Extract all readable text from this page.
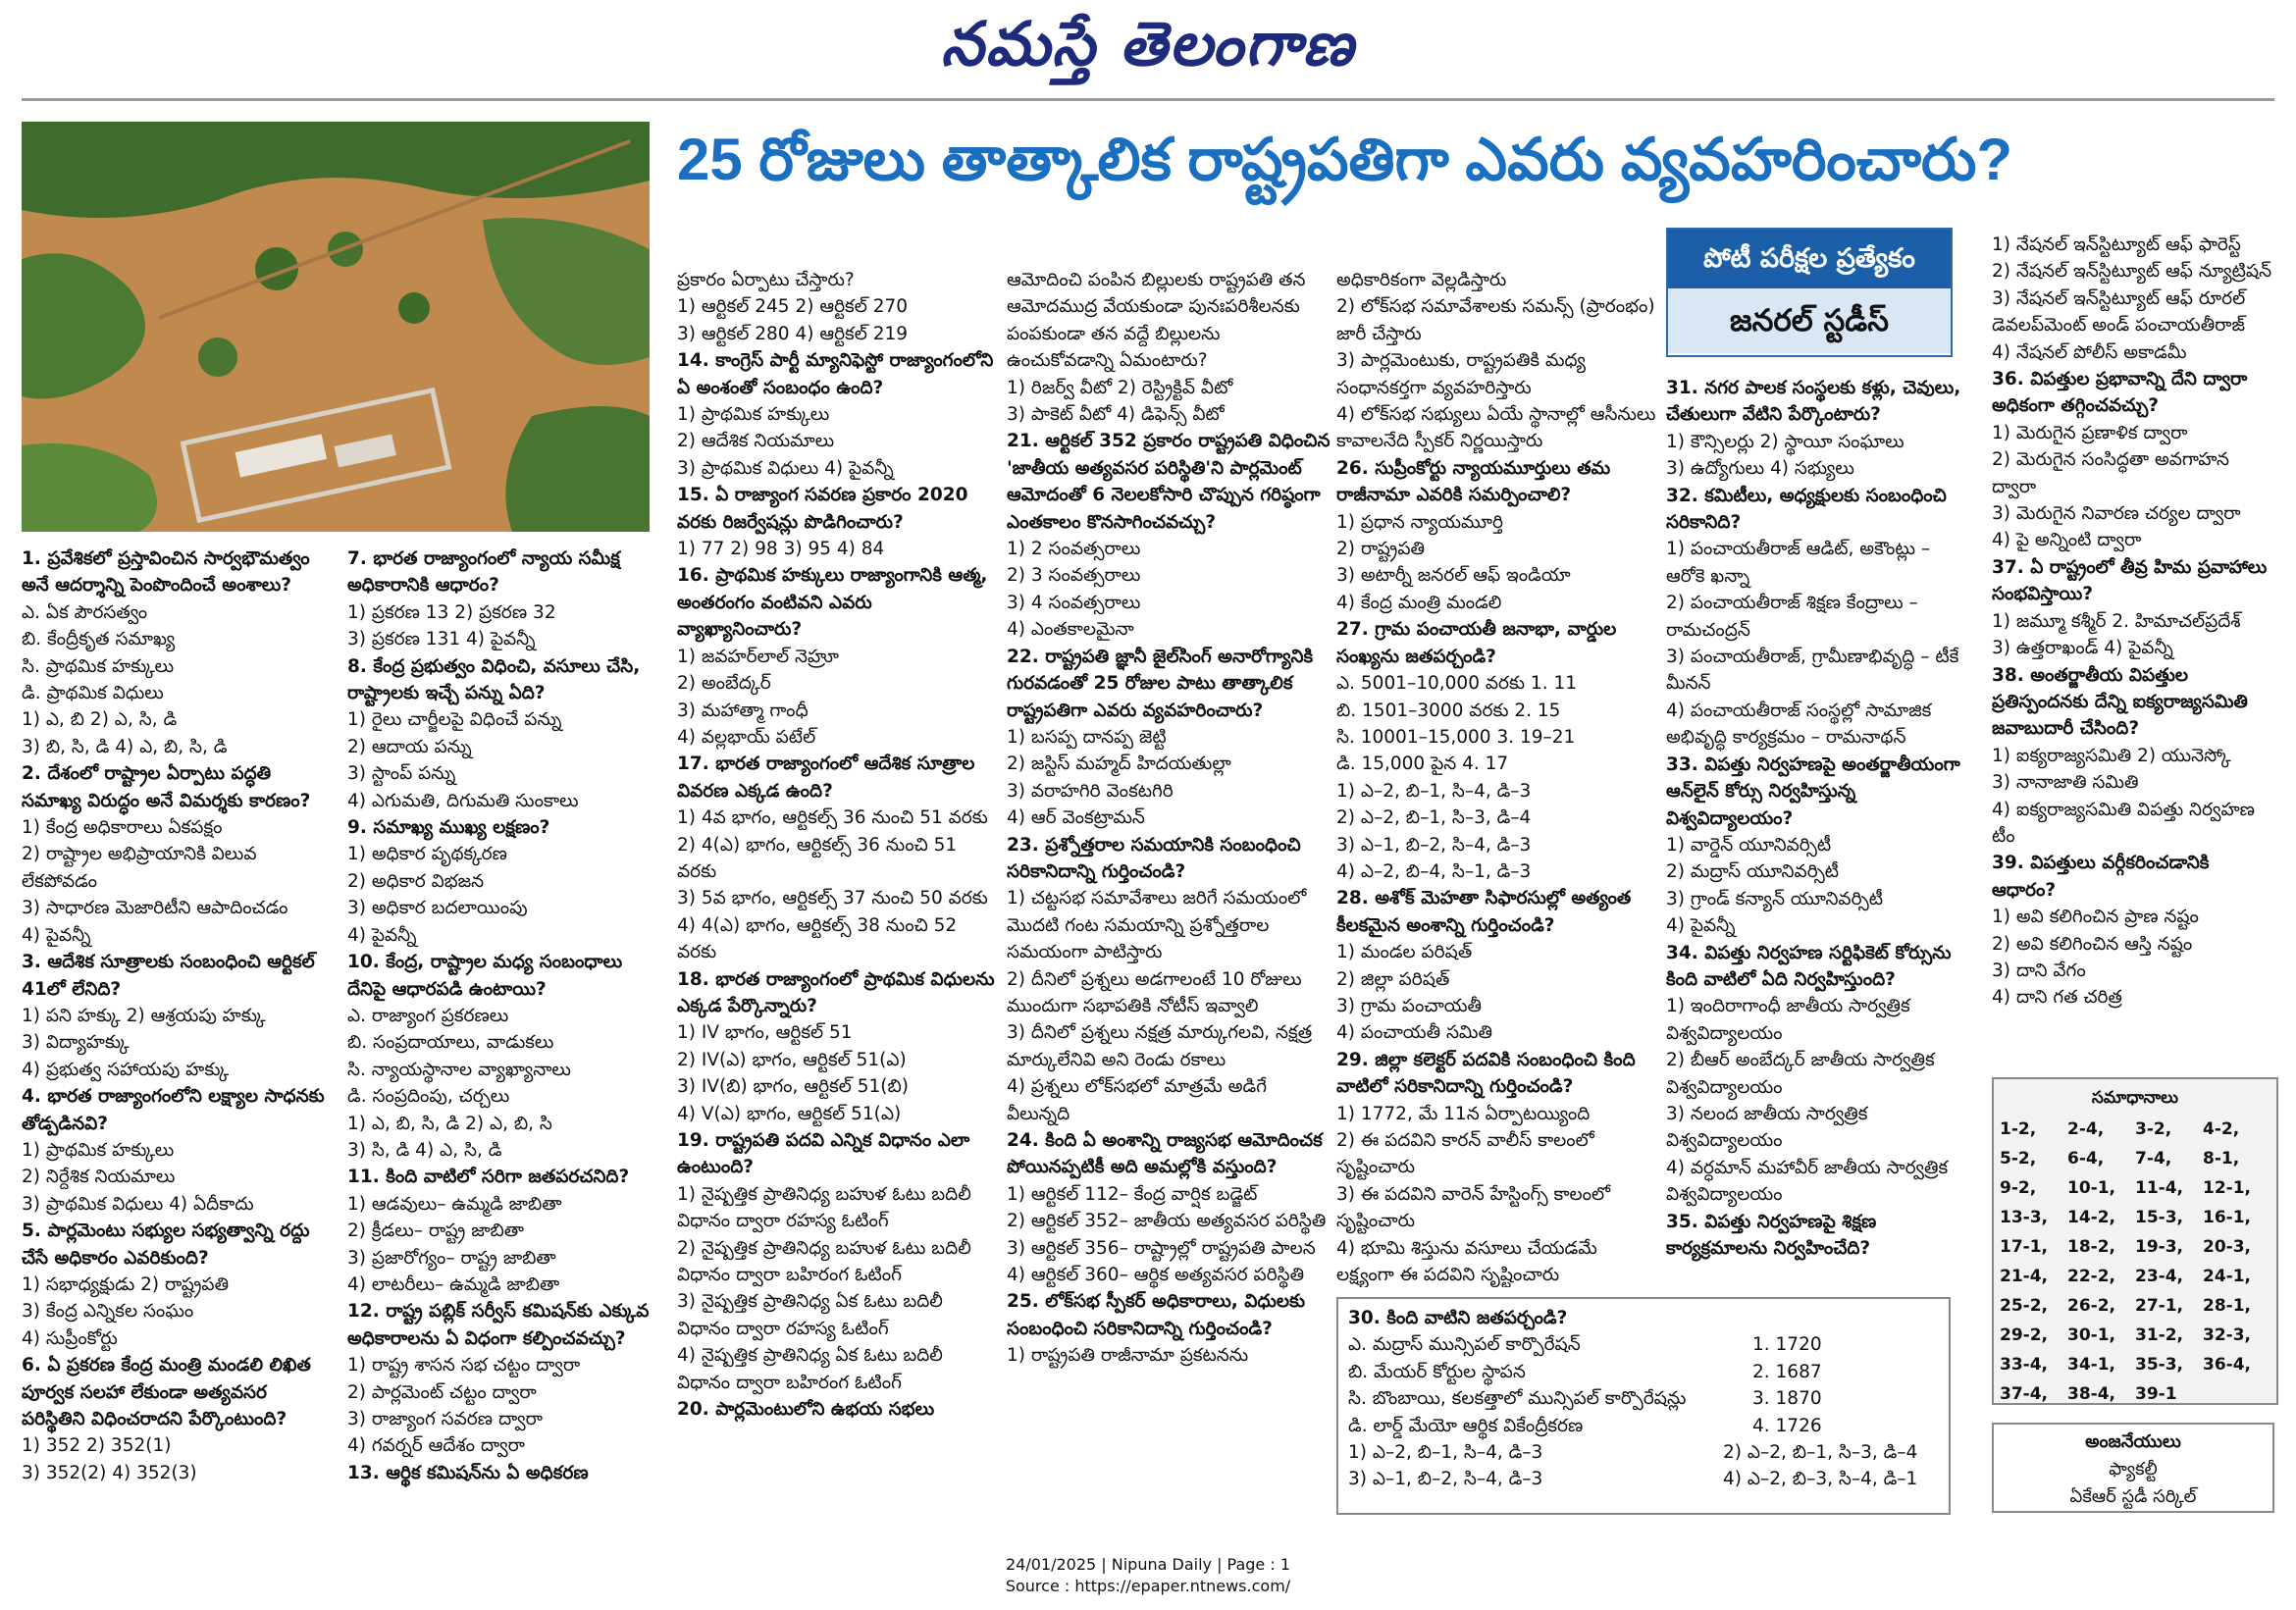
నమస్తే తెలంగాణ
25 రోజులు తాత్కాలిక రాష్ట్రపతిగా ఎవరు వ్యవహరించారు?
పోటీ పరీక్షల ప్రత్యేకం
జనరల్ స్టడీస్

1. ప్రవేశికలో ప్రస్తావించిన సార్వభౌమత్వం అనే ఆదర్శాన్ని పెంపొందించే అంశాలు?

ఎ. ఏక పౌరసత్వం

బి. కేంద్రీకృత సమాఖ్య

సి. ప్రాథమిక హక్కులు

డి. ప్రాథమిక విధులు

1) ఎ, బి 2) ఎ, సి, డి

3) బి, సి, డి 4) ఎ, బి, సి, డి

2. దేశంలో రాష్ట్రాల ఏర్పాటు పద్ధతి సమాఖ్య విరుద్ధం అనే విమర్శకు కారణం?

1) కేంద్ర అధికారాలు ఏకపక్షం

2) రాష్ట్రాల అభిప్రాయానికి విలువ లేకపోవడం

3) సాధారణ మెజారిటీని ఆపాదించడం

4) పైవన్నీ

3. ఆదేశిక సూత్రాలకు సంబంధించి ఆర్టికల్ 41లో లేనిది?

1) పని హక్కు 2) ఆశ్రయపు హక్కు

3) విద్యాహక్కు

4) ప్రభుత్వ సహాయపు హక్కు

4. భారత రాజ్యాంగంలోని లక్ష్యాల సాధనకు తోడ్పడినవి?

1) ప్రాథమిక హక్కులు

2) నిర్దేశిక నియమాలు

3) ప్రాథమిక విధులు 4) ఏదీకాదు

5. పార్లమెంటు సభ్యుల సభ్యత్వాన్ని రద్దు చేసే అధికారం ఎవరికుంది?

1) సభాధ్యక్షుడు 2) రాష్ట్రపతి

3) కేంద్ర ఎన్నికల సంఘం

4) సుప్రీంకోర్టు

6. ఏ ప్రకరణ కేంద్ర మంత్రి మండలి లిఖిత పూర్వక సలహా లేకుండా అత్యవసర పరిస్థితిని విధించరాదని పేర్కొంటుంది?

1) 352 2) 352(1)

3) 352(2) 4) 352(3)

7. భారత రాజ్యాంగంలో న్యాయ సమీక్ష అధికారానికి ఆధారం?

1) ప్రకరణ 13 2) ప్రకరణ 32

3) ప్రకరణ 131 4) పైవన్నీ

8. కేంద్ర ప్రభుత్వం విధించి, వసూలు చేసి, రాష్ట్రాలకు ఇచ్చే పన్ను ఏది?

1) రైలు చార్జీలపై విధించే పన్ను

2) ఆదాయ పన్ను

3) స్టాంప్ పన్ను

4) ఎగుమతి, దిగుమతి సుంకాలు

9. సమాఖ్య ముఖ్య లక్షణం?

1) అధికార పృథక్కరణ

2) అధికార విభజన

3) అధికార బదలాయింపు

4) పైవన్నీ

10. కేంద్ర, రాష్ట్రాల మధ్య సంబంధాలు దేనిపై ఆధారపడి ఉంటాయి?

ఎ. రాజ్యాంగ ప్రకరణలు

బి. సంప్రదాయాలు, వాడుకలు

సి. న్యాయస్థానాల వ్యాఖ్యానాలు

డి. సంప్రదింపు, చర్చలు

1) ఎ, బి, సి, డి 2) ఎ, బి, సి

3) సి, డి 4) ఎ, సి, డి

11. కింది వాటిలో సరిగా జతపరచనిది?

1) ఆడవులు– ఉమ్మడి జాబితా

2) క్రీడలు– రాష్ట్ర జాబితా

3) ప్రజారోగ్యం– రాష్ట్ర జాబితా

4) లాటరీలు– ఉమ్మడి జాబితా

12. రాష్ట్ర పబ్లిక్ సర్వీస్ కమిషన్‌కు ఎక్కువ అధికారాలను ఏ విధంగా కల్పించవచ్చు?

1) రాష్ట్ర శాసన సభ చట్టం ద్వారా

2) పార్లమెంట్ చట్టం ద్వారా

3) రాజ్యాంగ సవరణ ద్వారా

4) గవర్నర్ ఆదేశం ద్వారా

13. ఆర్థిక కమిషన్‌ను ఏ అధికరణ

ప్రకారం ఏర్పాటు చేస్తారు?

1) ఆర్టికల్ 245 2) ఆర్టికల్ 270

3) ఆర్టికల్ 280 4) ఆర్టికల్ 219

14. కాంగ్రెస్ పార్టీ మ్యానిఫెస్టో రాజ్యాంగంలోని ఏ అంశంతో సంబంధం ఉంది?

1) ప్రాథమిక హక్కులు

2) ఆదేశిక నియమాలు

3) ప్రాథమిక విధులు 4) పైవన్నీ

15. ఏ రాజ్యాంగ సవరణ ప్రకారం 2020 వరకు రిజర్వేషన్లు పొడిగించారు?

1) 77 2) 98 3) 95 4) 84

16. ప్రాథమిక హక్కులు రాజ్యాంగానికి ఆత్మ, అంతరంగం వంటివని ఎవరు వ్యాఖ్యానించారు?

1) జవహర్‌లాల్ నెహ్రూ

2) అంబేద్కర్

3) మహాత్మా గాంధీ

4) వల్లభాయ్ పటేల్

17. భారత రాజ్యాంగంలో ఆదేశిక సూత్రాల వివరణ ఎక్కడ ఉంది?

1) 4వ భాగం, ఆర్టికల్స్ 36 నుంచి 51 వరకు

2) 4(ఎ) భాగం, ఆర్టికల్స్ 36 నుంచి 51 వరకు

3) 5వ భాగం, ఆర్టికల్స్ 37 నుంచి 50 వరకు

4) 4(ఎ) భాగం, ఆర్టికల్స్ 38 నుంచి 52 వరకు

18. భారత రాజ్యాంగంలో ప్రాథమిక విధులను ఎక్కడ పేర్కొన్నారు?

1) IV భాగం, ఆర్టికల్ 51

2) IV(ఎ) భాగం, ఆర్టికల్ 51(ఎ)

3) IV(బి) భాగం, ఆర్టికల్ 51(బి)

4) V(ఎ) భాగం, ఆర్టికల్ 51(ఎ)

19. రాష్ట్రపతి పదవి ఎన్నిక విధానం ఎలా ఉంటుంది?

1) నైష్పత్తిక ప్రాతినిధ్య బహుళ ఓటు బదిలీ విధానం ద్వారా రహస్య ఓటింగ్

2) నైష్పత్తిక ప్రాతినిధ్య బహుళ ఓటు బదిలీ విధానం ద్వారా బహిరంగ ఓటింగ్

3) నైష్పత్తిక ప్రాతినిధ్య ఏక ఓటు బదిలీ విధానం ద్వారా రహస్య ఓటింగ్

4) నైష్పత్తిక ప్రాతినిధ్య ఏక ఓటు బదిలీ విధానం ద్వారా బహిరంగ ఓటింగ్

20. పార్లమెంటులోని ఉభయ సభలు

ఆమోదించి పంపిన బిల్లులకు రాష్ట్రపతి తన ఆమోదముద్ర వేయకుండా పునఃపరిశీలనకు పంపకుండా తన వద్దే బిల్లులను ఉంచుకోవడాన్ని ఏమంటారు?

1) రిజర్వ్ వీటో 2) రెస్ట్రిక్టివ్ వీటో

3) పాకెట్ వీటో 4) డిఫెన్స్ వీటో

21. ఆర్టికల్ 352 ప్రకారం రాష్ట్రపతి విధించిన 'జాతీయ అత్యవసర పరిస్థితి'ని పార్లమెంట్ ఆమోదంతో 6 నెలలకోసారి చొప్పున గరిష్ఠంగా ఎంతకాలం కొనసాగించవచ్చు?

1) 2 సంవత్సరాలు

2) 3 సంవత్సరాలు

3) 4 సంవత్సరాలు

4) ఎంతకాలమైనా

22. రాష్ట్రపతి జ్ఞానీ జైల్‌సింగ్ అనారోగ్యానికి గురవడంతో 25 రోజుల పాటు తాత్కాలిక రాష్ట్రపతిగా ఎవరు వ్యవహరించారు?

1) బసప్ప దానప్ప జెట్టి

2) జస్టిస్ మహ్మద్ హిదయతుల్లా

3) వరాహగిరి వెంకటగిరి

4) ఆర్ వెంకట్రామన్

23. ప్రశ్నోత్తరాల సమయానికి సంబంధించి సరికానిదాన్ని గుర్తించండి?

1) చట్టసభ సమావేశాలు జరిగే సమయంలో మొదటి గంట సమయాన్ని ప్రశ్నోత్తరాల సమయంగా పాటిస్తారు

2) దీనిలో ప్రశ్నలు అడగాలంటే 10 రోజులు ముందుగా సభాపతికి నోటీస్ ఇవ్వాలి

3) దీనిలో ప్రశ్నలు నక్షత్ర మార్కుగలవి, నక్షత్ర మార్కులేనివి అని రెండు రకాలు

4) ప్రశ్నలు లోక్‌సభలో మాత్రమే అడిగే వీలున్నది

24. కింది ఏ అంశాన్ని రాజ్యసభ ఆమోదించక పోయినప్పటికీ అది అమల్లోకి వస్తుంది?

1) ఆర్టికల్ 112– కేంద్ర వార్షిక బడ్జెట్

2) ఆర్టికల్ 352– జాతీయ అత్యవసర పరిస్థితి

3) ఆర్టికల్ 356– రాష్ట్రాల్లో రాష్ట్రపతి పాలన

4) ఆర్టికల్ 360– ఆర్థిక అత్యవసర పరిస్థితి

25. లోక్‌సభ స్పీకర్ అధికారాలు, విధులకు సంబంధించి సరికానిదాన్ని గుర్తించండి?

1) రాష్ట్రపతి రాజీనామా ప్రకటనను

అధికారికంగా వెల్లడిస్తారు

2) లోక్‌సభ సమావేశాలకు సమన్స్ (ప్రారంభం) జారీ చేస్తారు

3) పార్లమెంటుకు, రాష్ట్రపతికి మధ్య సంధానకర్తగా వ్యవహరిస్తారు

4) లోక్‌సభ సభ్యులు ఏయే స్థానాల్లో ఆసీనులు కావాలనేది స్పీకర్ నిర్ణయిస్తారు

26. సుప్రీంకోర్టు న్యాయమూర్తులు తమ రాజీనామా ఎవరికి సమర్పించాలి?

1) ప్రధాన న్యాయమూర్తి

2) రాష్ట్రపతి

3) అటార్నీ జనరల్ ఆఫ్ ఇండియా

4) కేంద్ర మంత్రి మండలి

27. గ్రామ పంచాయతీ జనాభా, వార్డుల సంఖ్యను జతపర్చండి?

ఎ. 5001–10,000 వరకు 1. 11

బి. 1501–3000 వరకు 2. 15

సి. 10001–15,000 3. 19–21

డి. 15,000 పైన 4. 17

1) ఎ–2, బి–1, సి–4, డి–3

2) ఎ–2, బి–1, సి–3, డి–4

3) ఎ–1, బి–2, సి–4, డి–3

4) ఎ–2, బి–4, సి–1, డి–3

28. అశోక్ మెహతా సిఫారసుల్లో అత్యంత కీలకమైన అంశాన్ని గుర్తించండి?

1) మండల పరిషత్

2) జిల్లా పరిషత్

3) గ్రామ పంచాయతీ

4) పంచాయతీ సమితి

29. జిల్లా కలెక్టర్ పదవికి సంబంధించి కింది వాటిలో సరికానిదాన్ని గుర్తించండి?

1) 1772, మే 11న ఏర్పాటయ్యింది

2) ఈ పదవిని కారన్ వాలీస్ కాలంలో సృష్టించారు

3) ఈ పదవిని వారెన్ హేస్టింగ్స్ కాలంలో సృష్టించారు

4) భూమి శిస్తును వసూలు చేయడమే లక్ష్యంగా ఈ పదవిని సృష్టించారు

31. నగర పాలక సంస్థలకు కళ్లు, చెవులు, చేతులుగా వేటిని పేర్కొంటారు?

1) కౌన్సిలర్లు 2) స్థాయీ సంఘాలు

3) ఉద్యోగులు 4) సభ్యులు

32. కమిటీలు, అధ్యక్షులకు సంబంధించి సరికానిది?

1) పంచాయతీరాజ్ ఆడిట్, అకౌంట్లు – ఆరోకె ఖన్నా

2) పంచాయతీరాజ్ శిక్షణ కేంద్రాలు – రామచంద్రన్

3) పంచాయతీరాజ్, గ్రామీణాభివృద్ధి – టీకే మీనన్

4) పంచాయతీరాజ్ సంస్థల్లో సామాజిక అభివృద్ధి కార్యక్రమం – రామనాథన్

33. విపత్తు నిర్వహణపై అంతర్జాతీయంగా ఆన్‌లైన్ కోర్సు నిర్వహిస్తున్న విశ్వవిద్యాలయం?

1) వార్డెన్ యూనివర్సిటీ

2) మద్రాస్ యూనివర్సిటీ

3) గ్రాండ్ కన్యాన్ యూనివర్సిటీ

4) పైవన్నీ

34. విపత్తు నిర్వహణ సర్టిఫికెట్ కోర్సును కింది వాటిలో ఏది నిర్వహిస్తుంది?

1) ఇందిరాగాంధీ జాతీయ సార్వత్రిక విశ్వవిద్యాలయం

2) బీఆర్ అంబేద్కర్ జాతీయ సార్వత్రిక విశ్వవిద్యాలయం

3) నలంద జాతీయ సార్వత్రిక విశ్వవిద్యాలయం

4) వర్ధమాన్ మహావీర్ జాతీయ సార్వత్రిక విశ్వవిద్యాలయం

35. విపత్తు నిర్వహణపై శిక్షణ కార్యక్రమాలను నిర్వహించేది?

1) నేషనల్ ఇన్‌స్టిట్యూట్ ఆఫ్ ఫారెస్ట్

2) నేషనల్ ఇన్‌స్టిట్యూట్ ఆఫ్ న్యూట్రిషన్

3) నేషనల్ ఇన్‌స్టిట్యూట్ ఆఫ్ రూరల్ డెవలప్‌మెంట్ అండ్ పంచాయతీరాజ్

4) నేషనల్ పోలీస్ అకాడమీ

36. విపత్తుల ప్రభావాన్ని దేని ద్వారా అధికంగా తగ్గించవచ్చు?

1) మెరుగైన ప్రణాళిక ద్వారా

2) మెరుగైన సంసిద్ధతా అవగాహన ద్వారా

3) మెరుగైన నివారణ చర్యల ద్వారా

4) పై అన్నింటి ద్వారా

37. ఏ రాష్ట్రంలో తీవ్ర హిమ ప్రవాహాలు సంభవిస్తాయి?

1) జమ్మూ కశ్మీర్ 2. హిమాచల్‌ప్రదేశ్

3) ఉత్తరాఖండ్ 4) పైవన్నీ

38. అంతర్జాతీయ విపత్తుల ప్రతిస్పందనకు దేన్ని ఐక్యరాజ్యసమితి జవాబుదారీ చేసింది?

1) ఐక్యరాజ్యసమితి 2) యునెస్కో

3) నానాజాతి సమితి

4) ఐక్యరాజ్యసమితి విపత్తు నిర్వహణ టీం

39. విపత్తులు వర్గీకరించడానికి ఆధారం?

1) అవి కలిగించిన ప్రాణ నష్టం

2) అవి కలిగించిన ఆస్తి నష్టం

3) దాని వేగం

4) దాని గత చరిత్ర

30. కింది వాటిని జతపర్చండి?
ఎ. మద్రాస్ మున్సిపల్ కార్పొరేషన్	1. 1720
బి. మేయర్ కోర్టుల స్థాపన	2. 1687
సి. బొంబాయి, కలకత్తాలో మున్సిపల్ కార్పొరేషన్లు	3. 1870
డి. లార్డ్ మేయో ఆర్థిక వికేంద్రీకరణ	4. 1726
1) ఎ–2, బి–1, సి–4, డి–3	2) ఎ–2, బి–1, సి–3, డి–4
3) ఎ–1, బి–2, సి–4, డి–3	4) ఎ–2, బి–3, సి–4, డి–1
సమాధానాలు
1-2,	2-4,	3-2,	4-2,
5-2,	6-4,	7-4,	8-1,
9-2,	10-1,	11-4,	12-1,
13-3,	14-2,	15-3,	16-1,
17-1,	18-2,	19-3,	20-3,
21-4,	22-2,	23-4,	24-1,
25-2,	26-2,	27-1,	28-1,
29-2,	30-1,	31-2,	32-3,
33-4,	34-1,	35-3,	36-4,
37-4,	38-4,	39-1
అంజనేయులు
ఫ్యాకల్టీ
ఏకేఆర్ స్టడీ సర్కిల్
24/01/2025 | Nipuna Daily | Page : 1
Source : https://epaper.ntnews.com/
